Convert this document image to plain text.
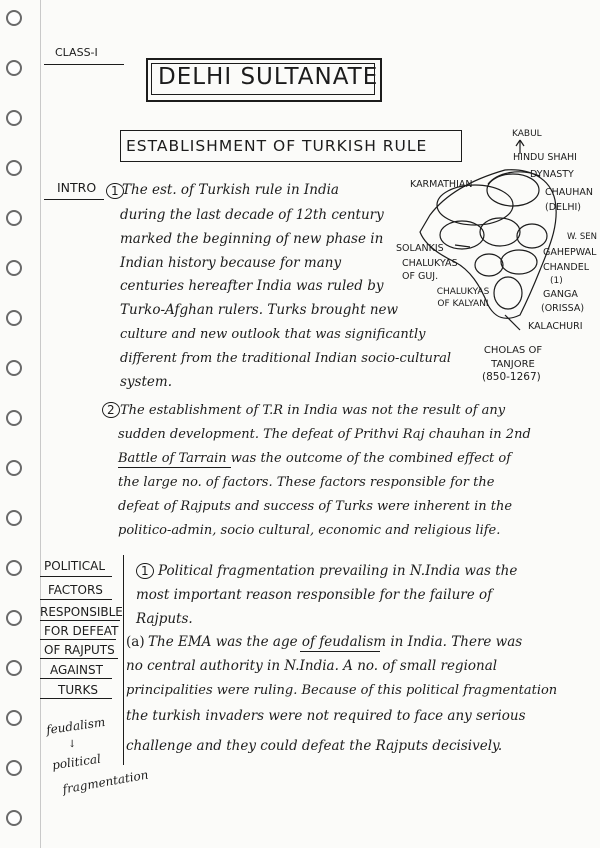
CLASS-I
DELHI SULTANATE
ESTABLISHMENT OF TURKISH RULE
INTRO	1 The est. of Turkish rule in India
during the last decade of 12th century
marked the beginning of new phase in
Indian history because for many
centuries hereafter India was ruled by
Turko-Afghan rulers. Turks brought new
culture and new outlook that was significantly
different from the traditional Indian socio-cultural
system.
KABUL
HINDU SHAHI
DYNASTY
CHAUHAN
(DELHI)
KARMATHIAN
W. SEN
SOLANKIS
CHALUKYAS OF GUJ.
GAHEPWAL
CHANDEL
(1)
GANGA
(ORISSA)
CHALUKYAS OF KALYANI
KALACHURI
CHOLAS OF TANJORE
(850-1267)
2 The establishment of T.R in India was not the result of any
sudden development. The defeat of Prithvi Raj chauhan in 2nd
Battle of Tarrain was the outcome of the combined effect of
the large no. of factors. These factors responsible for the
defeat of Rajputs and success of Turks were inherent in the
politico-admin, socio cultural, economic and religious life.
POLITICAL
FACTORS
RESPONSIBLE
FOR DEFEAT
OF RAJPUTS
AGAINST
TURKS
feudalism
↓
political
fragmentation
1 Political fragmentation prevailing in N.India was the
most important reason responsible for the failure of
Rajputs.
(a) The EMA was the age of feudalism in India. There was
no central authority in N.India. A no. of small regional
principalities were ruling. Because of this political fragmentation
the turkish invaders were not required to face any serious
challenge and they could defeat the Rajputs decisively.
